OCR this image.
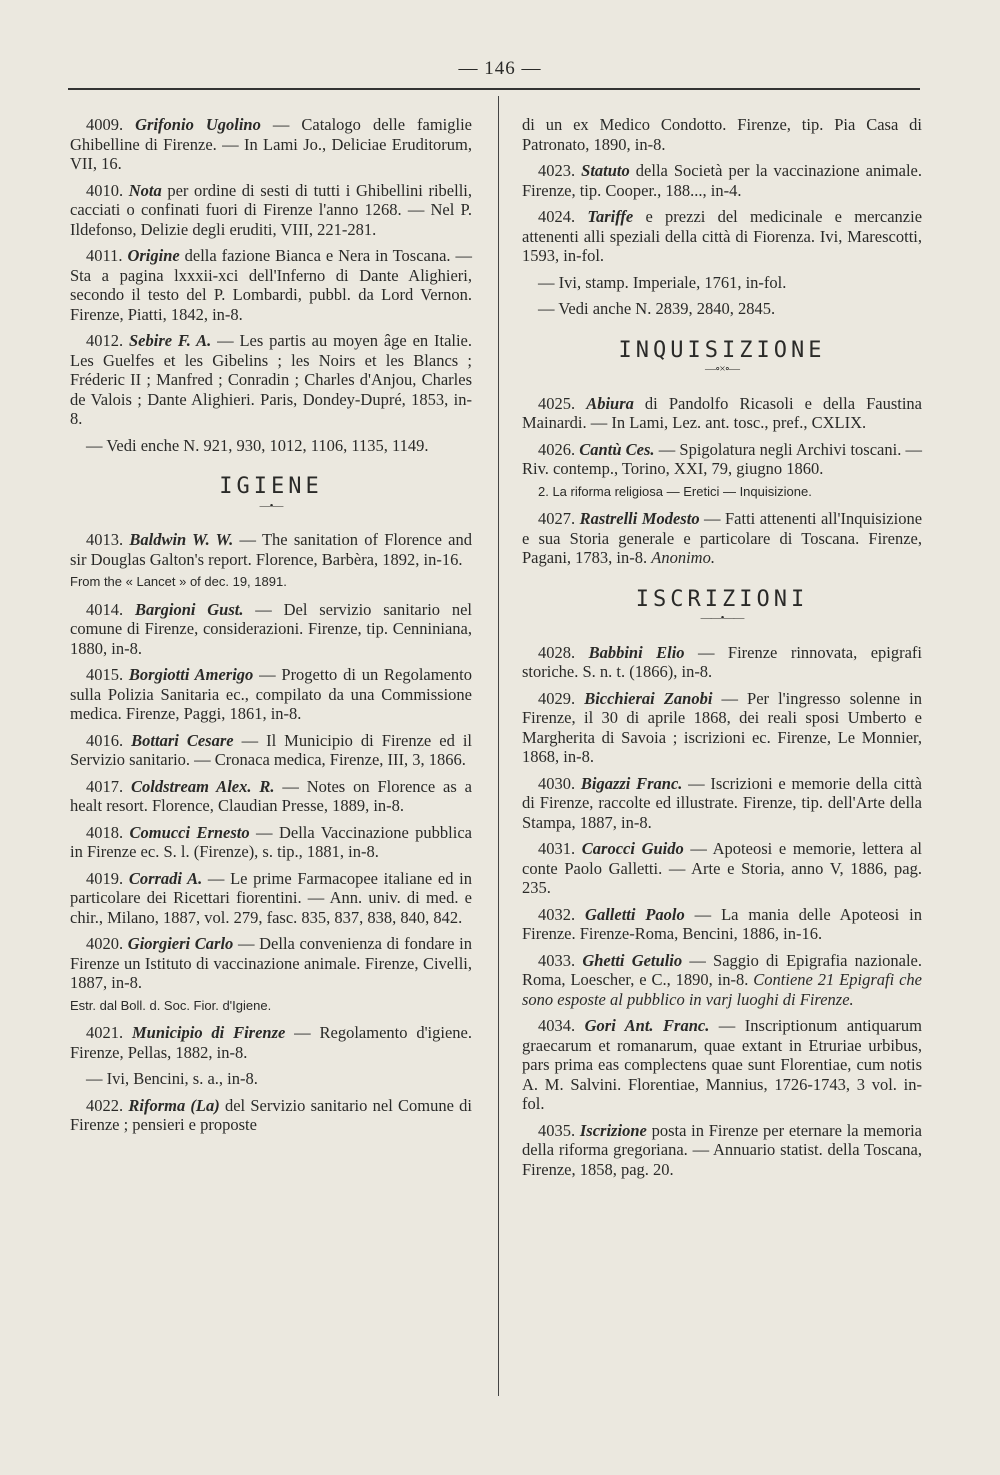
— 146 —

4009. Grifonio Ugolino — Catalogo delle famiglie Ghibelline di Firenze. — In Lami Jo., Deliciae Eruditorum, VII, 16.

4010. Nota per ordine di sesti di tutti i Ghibellini ribelli, cacciati o confinati fuori di Firenze l'anno 1268. — Nel P. Ildefonso, Delizie degli eruditi, VIII, 221-281.

4011. Origine della fazione Bianca e Nera in Toscana. — Sta a pagina lxxxii-xci dell'Inferno di Dante Alighieri, secondo il testo del P. Lombardi, pubbl. da Lord Vernon. Firenze, Piatti, 1842, in-8.

4012. Sebire F. A. — Les partis au moyen âge en Italie. Les Guelfes et les Gibelins ; les Noirs et les Blancs ; Fréderic II ; Manfred ; Conradin ; Charles d'Anjou, Charles de Valois ; Dante Alighieri. Paris, Dondey-Dupré, 1853, in-8.

— Vedi enche N. 921, 930, 1012, 1106, 1135, 1149.

IGIENE
—•—

4013. Baldwin W. W. — The sanitation of Florence and sir Douglas Galton's report. Florence, Barbèra, 1892, in-16.

From the « Lancet » of dec. 19, 1891.

4014. Bargioni Gust. — Del servizio sanitario nel comune di Firenze, considerazioni. Firenze, tip. Cenniniana, 1880, in-8.

4015. Borgiotti Amerigo — Progetto di un Regolamento sulla Polizia Sanitaria ec., compilato da una Commissione medica. Firenze, Paggi, 1861, in-8.

4016. Bottari Cesare — Il Municipio di Firenze ed il Servizio sanitario. — Cronaca medica, Firenze, III, 3, 1866.

4017. Coldstream Alex. R. — Notes on Florence as a healt resort. Florence, Claudian Presse, 1889, in-8.

4018. Comucci Ernesto — Della Vaccinazione pubblica in Firenze ec. S. l. (Firenze), s. tip., 1881, in-8.

4019. Corradi A. — Le prime Farmacopee italiane ed in particolare dei Ricettari fiorentini. — Ann. univ. di med. e chir., Milano, 1887, vol. 279, fasc. 835, 837, 838, 840, 842.

4020. Giorgieri Carlo — Della convenienza di fondare in Firenze un Istituto di vaccinazione animale. Firenze, Civelli, 1887, in-8.

Estr. dal Boll. d. Soc. Fior. d'Igiene.

4021. Municipio di Firenze — Regolamento d'igiene. Firenze, Pellas, 1882, in-8.

— Ivi, Bencini, s. a., in-8.

4022. Riforma (La) del Servizio sanitario nel Comune di Firenze ; pensieri e proposte

di un ex Medico Condotto. Firenze, tip. Pia Casa di Patronato, 1890, in-8.

4023. Statuto della Società per la vaccinazione animale. Firenze, tip. Cooper., 188..., in-4.

4024. Tariffe e prezzi del medicinale e mercanzie attenenti alli speziali della città di Fiorenza. Ivi, Marescotti, 1593, in-fol.

— Ivi, stamp. Imperiale, 1761, in-fol.

— Vedi anche N. 2839, 2840, 2845.

INQUISIZIONE
—∘×∘—

4025. Abiura di Pandolfo Ricasoli e della Faustina Mainardi. — In Lami, Lez. ant. tosc., pref., CXLIX.

4026. Cantù Ces. — Spigolatura negli Archivi toscani. — Riv. contemp., Torino, XXI, 79, giugno 1860.

2. La riforma religiosa — Eretici — Inquisizione.

4027. Rastrelli Modesto — Fatti attenenti all'Inquisizione e sua Storia generale e particolare di Toscana. Firenze, Pagani, 1783, in-8. Anonimo.

ISCRIZIONI
——•——

4028. Babbini Elio — Firenze rinnovata, epigrafi storiche. S. n. t. (1866), in-8.

4029. Bicchierai Zanobi — Per l'ingresso solenne in Firenze, il 30 di aprile 1868, dei reali sposi Umberto e Margherita di Savoia ; iscrizioni ec. Firenze, Le Monnier, 1868, in-8.

4030. Bigazzi Franc. — Iscrizioni e memorie della città di Firenze, raccolte ed illustrate. Firenze, tip. dell'Arte della Stampa, 1887, in-8.

4031. Carocci Guido — Apoteosi e memorie, lettera al conte Paolo Galletti. — Arte e Storia, anno V, 1886, pag. 235.

4032. Galletti Paolo — La mania delle Apoteosi in Firenze. Firenze-Roma, Bencini, 1886, in-16.

4033. Ghetti Getulio — Saggio di Epigrafia nazionale. Roma, Loescher, e C., 1890, in-8. Contiene 21 Epigrafi che sono esposte al pubblico in varj luoghi di Firenze.

4034. Gori Ant. Franc. — Inscriptionum antiquarum graecarum et romanarum, quae extant in Etruriae urbibus, pars prima eas complectens quae sunt Florentiae, cum notis A. M. Salvini. Florentiae, Mannius, 1726-1743, 3 vol. in-fol.

4035. Iscrizione posta in Firenze per eternare la memoria della riforma gregoriana. — Annuario statist. della Toscana, Firenze, 1858, pag. 20.
